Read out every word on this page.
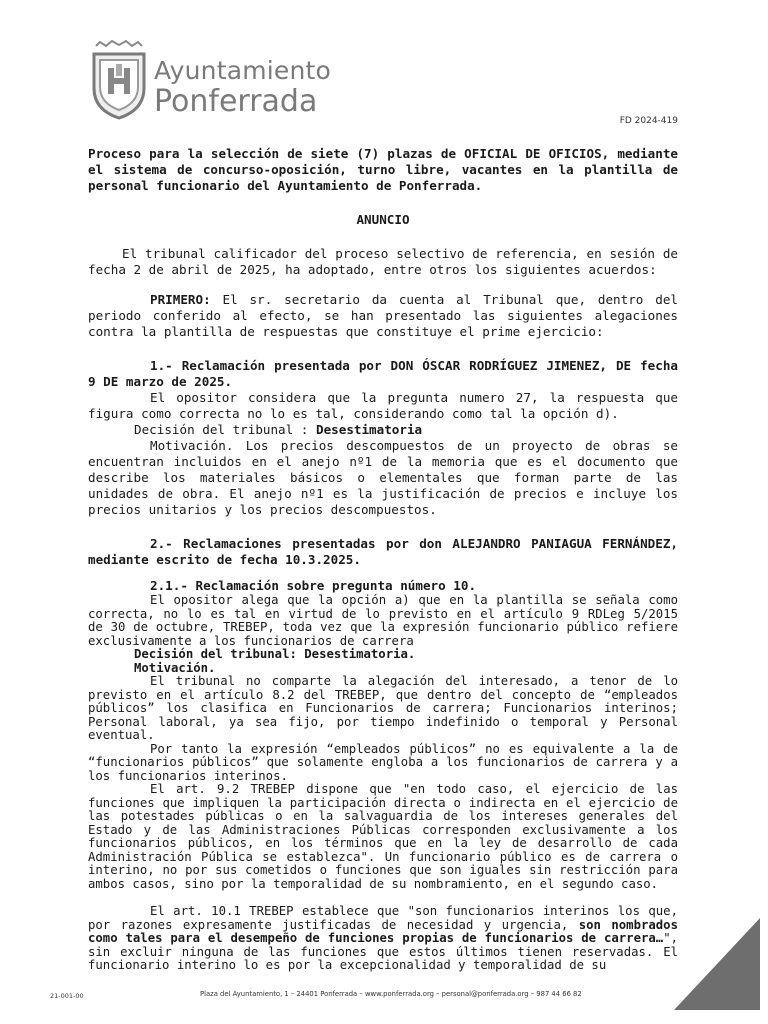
Ayuntamiento
Ponferrada
FD 2024-419

Proceso para la selección de siete (7) plazas de OFICIAL DE OFICIOS, mediante el sistema de concurso-oposición, turno libre, vacantes en la plantilla de personal funcionario del Ayuntamiento de Ponferrada.

ANUNCIO

El tribunal calificador del proceso selectivo de referencia, en sesión de fecha 2 de abril de 2025, ha adoptado, entre otros los siguientes acuerdos:

PRIMERO: El sr. secretario da cuenta al Tribunal que, dentro del periodo conferido al efecto, se han presentado las siguientes alegaciones contra la plantilla de respuestas que constituye el prime ejercicio:

1.- Reclamación presentada por DON ÓSCAR RODRÍGUEZ JIMENEZ, DE fecha 9 DE marzo de 2025.

El opositor considera que la pregunta numero 27, la respuesta que figura como correcta no lo es tal, considerando como tal la opción d).

Decisión del tribunal : Desestimatoria

Motivación. Los precios descompuestos de un proyecto de obras se encuentran incluidos en el anejo nº1 de la memoria que es el documento que describe los materiales básicos o elementales que forman parte de las unidades de obra. El anejo nº1 es la justificación de precios e incluye los precios unitarios y los precios descompuestos.

2.- Reclamaciones presentadas por don ALEJANDRO PANIAGUA FERNÁNDEZ, mediante escrito de fecha 10.3.2025.

2.1.- Reclamación sobre pregunta número 10.

El opositor alega que la opción a) que en la plantilla se señala como correcta, no lo es tal en virtud de lo previsto en el artículo 9 RDLeg 5/2015 de 30 de octubre, TREBEP, toda vez que la expresión funcionario público refiere exclusivamente a los funcionarios de carrera

Decisión del tribunal: Desestimatoria.

Motivación.

El tribunal no comparte la alegación del interesado, a tenor de lo previsto en el artículo 8.2 del TREBEP, que dentro del concepto de “empleados públicos” los clasifica en Funcionarios de carrera; Funcionarios interinos; Personal laboral, ya sea fijo, por tiempo indefinido o temporal y Personal eventual.

Por tanto la expresión “empleados públicos” no es equivalente a la de “funcionarios públicos” que solamente engloba a los funcionarios de carrera y a los funcionarios interinos.

El art. 9.2 TREBEP dispone que "en todo caso, el ejercicio de las funciones que impliquen la participación directa o indirecta en el ejercicio de las potestades públicas o en la salvaguardia de los intereses generales del Estado y de las Administraciones Públicas corresponden exclusivamente a los funcionarios públicos, en los términos que en la ley de desarrollo de cada Administración Pública se establezca". Un funcionario público es de carrera o interino, no por sus cometidos o funciones que son iguales sin restricción para ambos casos, sino por la temporalidad de su nombramiento, en el segundo caso.

El art. 10.1 TREBEP establece que "son funcionarios interinos los que, por razones expresamente justificadas de necesidad y urgencia, son nombrados como tales para el desempeño de funciones propias de funcionarios de carrera…", sin excluir ninguna de las funciones que estos últimos tienen reservadas. El funcionario interino lo es por la excepcionalidad y temporalidad de su

21-001-00	Plaza del Ayuntamiento, 1 – 24401 Ponferrada – www.ponferrada.org – personal@ponferrada.org – 987 44 66 82
